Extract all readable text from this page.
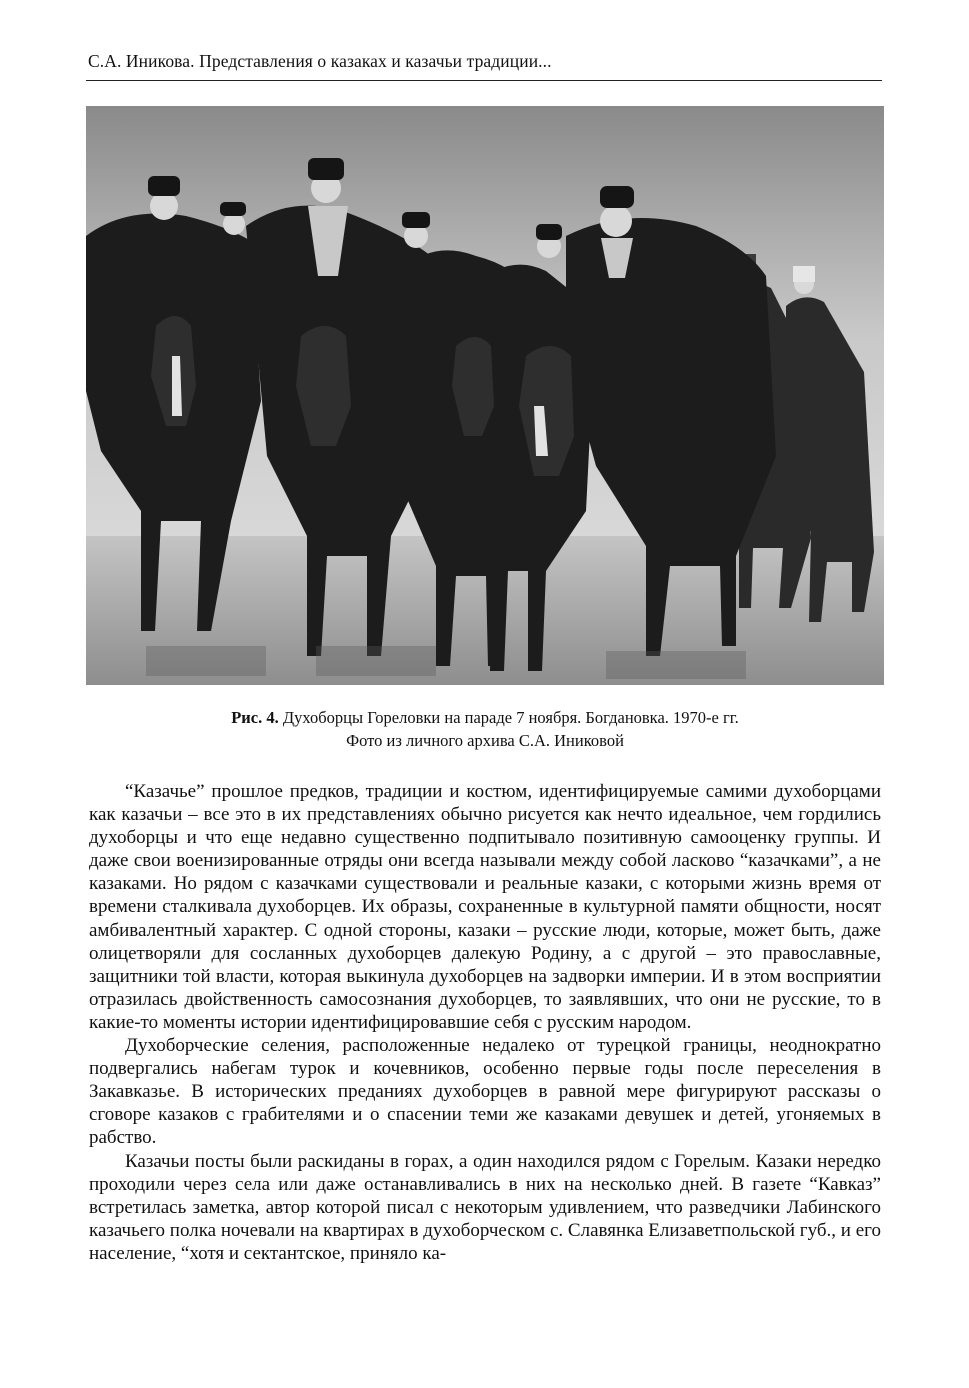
С.А. Иникова. Представления о казаках и казачьи традиции...
Рис. 4. Духоборцы Гореловки на параде 7 ноября. Богдановка. 1970-е гг.
Фото из личного архива С.А. Иниковой

“Казачье” прошлое предков, традиции и костюм, идентифицируемые самими духоборцами как казачьи – все это в их представлениях обычно рисуется как нечто идеальное, чем гордились духоборцы и что еще недавно существенно подпитывало позитивную самооценку группы. И даже свои военизированные отряды они всегда называли между собой ласково “казачками”, а не казаками. Но рядом с казачками существовали и реальные казаки, с которыми жизнь время от времени сталкивала духоборцев. Их образы, сохраненные в культурной памяти общности, носят амбивалентный характер. С одной стороны, казаки – русские люди, которые, может быть, даже олицетворяли для сосланных духоборцев далекую Родину, а с другой – это православные, защитники той власти, которая выкинула духоборцев на задворки империи. И в этом восприятии отразилась двойственность самосознания духоборцев, то заявлявших, что они не русские, то в какие-то моменты истории идентифицировавшие себя с русским народом.

Духоборческие селения, расположенные недалеко от турецкой границы, неоднократно подвергались набегам турок и кочевников, особенно первые годы после переселения в Закавказье. В исторических преданиях духоборцев в равной мере фигурируют рассказы о сговоре казаков с грабителями и о спасении теми же казаками девушек и детей, угоняемых в рабство.

Казачьи посты были раскиданы в горах, а один находился рядом с Горелым. Казаки нередко проходили через села или даже останавливались в них на несколько дней. В газете “Кавказ” встретилась заметка, автор которой писал с некоторым удивлением, что разведчики Лабинского казачьего полка ночевали на квартирах в духоборческом с. Славянка Елизаветпольской губ., и его население, “хотя и сектантское, приняло ка-
